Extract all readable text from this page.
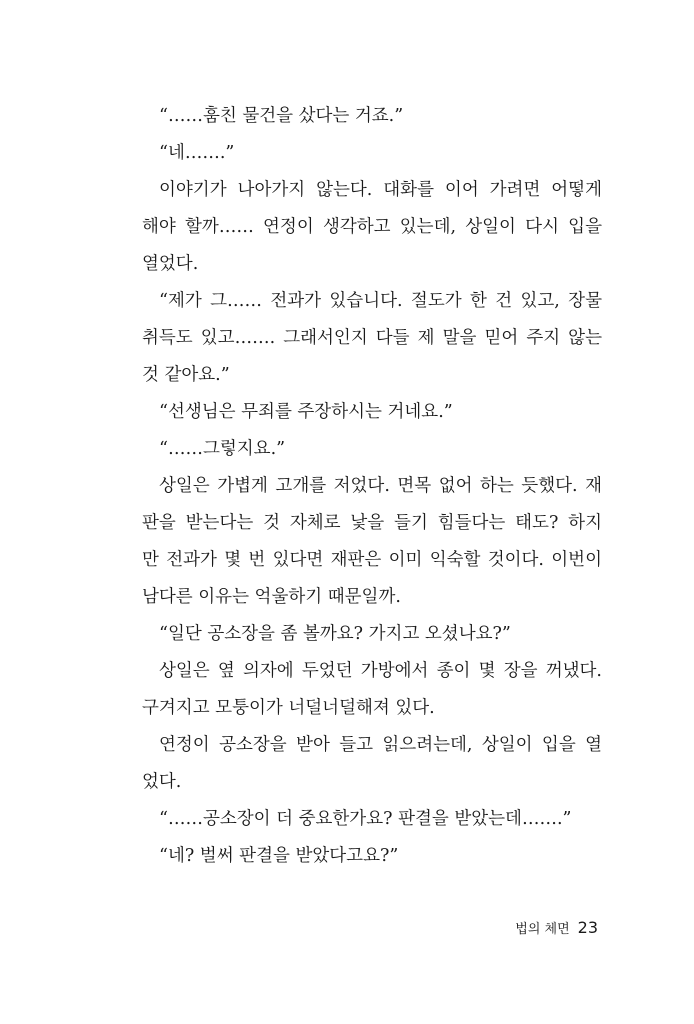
“……훔친 물건을 샀다는 거죠.”
“네…….”
이야기가 나아가지 않는다. 대화를 이어 가려면 어떻게
해야 할까…… 연정이 생각하고 있는데, 상일이 다시 입을
열었다.
“제가 그…… 전과가 있습니다. 절도가 한 건 있고, 장물
취득도 있고……. 그래서인지 다들 제 말을 믿어 주지 않는
것 같아요.”
“선생님은 무죄를 주장하시는 거네요.”
“……그렇지요.”
상일은 가볍게 고개를 저었다. 면목 없어 하는 듯했다. 재
판을 받는다는 것 자체로 낯을 들기 힘들다는 태도? 하지
만 전과가 몇 번 있다면 재판은 이미 익숙할 것이다. 이번이
남다른 이유는 억울하기 때문일까.
“일단 공소장을 좀 볼까요? 가지고 오셨나요?”
상일은 옆 의자에 두었던 가방에서 종이 몇 장을 꺼냈다.
구겨지고 모퉁이가 너덜너덜해져 있다.
연정이 공소장을 받아 들고 읽으려는데, 상일이 입을 열
었다.
“……공소장이 더 중요한가요? 판결을 받았는데…….”
“네? 벌써 판결을 받았다고요?”
법의 체면 23
